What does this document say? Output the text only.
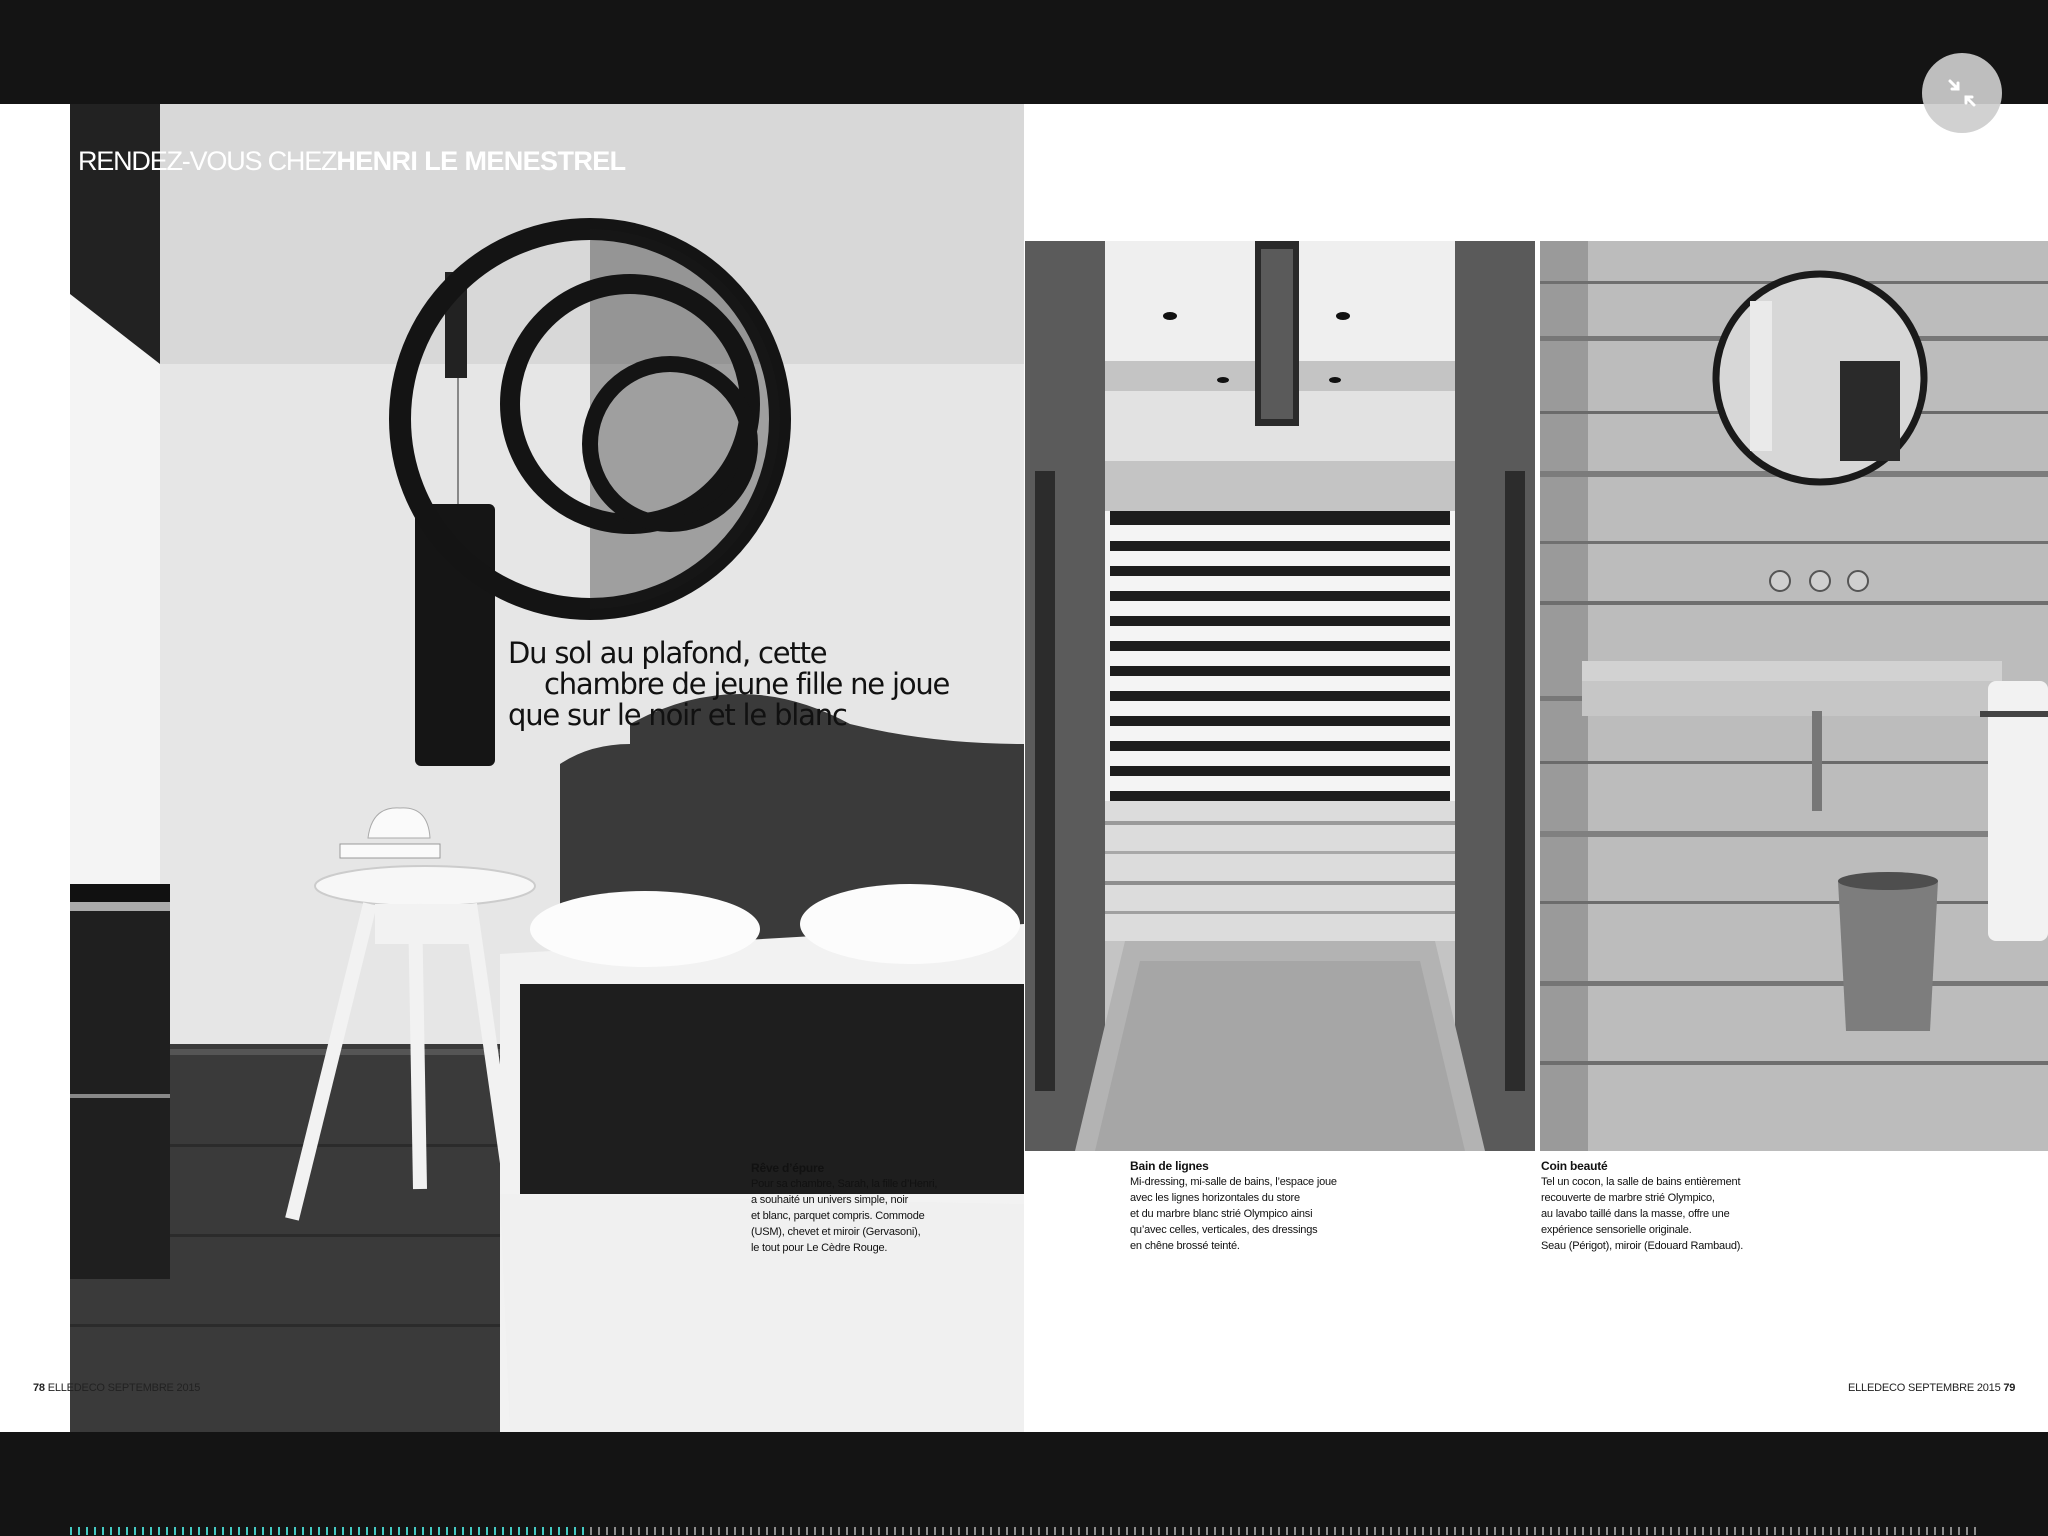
RENDEZ-VOUS CHEZHENRI LE MENESTREL
Du sol au plafond, cette
chambre de jeune fille ne joue
que sur le noir et le blanc
Rêve d’épure
Pour sa chambre, Sarah, la fille d’Henri,
a souhaité un univers simple, noir
et blanc, parquet compris. Commode
(USM), chevet et miroir (Gervasoni),
le tout pour Le Cèdre Rouge.
78 ELLEDECO SEPTEMBRE 2015
Bain de lignes
Mi-dressing, mi-salle de bains, l’espace joue
avec les lignes horizontales du store
et du marbre blanc strié Olympico ainsi
qu’avec celles, verticales, des dressings
en chêne brossé teinté.
Coin beauté
Tel un cocon, la salle de bains entièrement
recouverte de marbre strié Olympico,
au lavabo taillé dans la masse, offre une
expérience sensorielle originale.
Seau (Périgot), miroir (Edouard Rambaud).
ELLEDECO SEPTEMBRE 2015 79
